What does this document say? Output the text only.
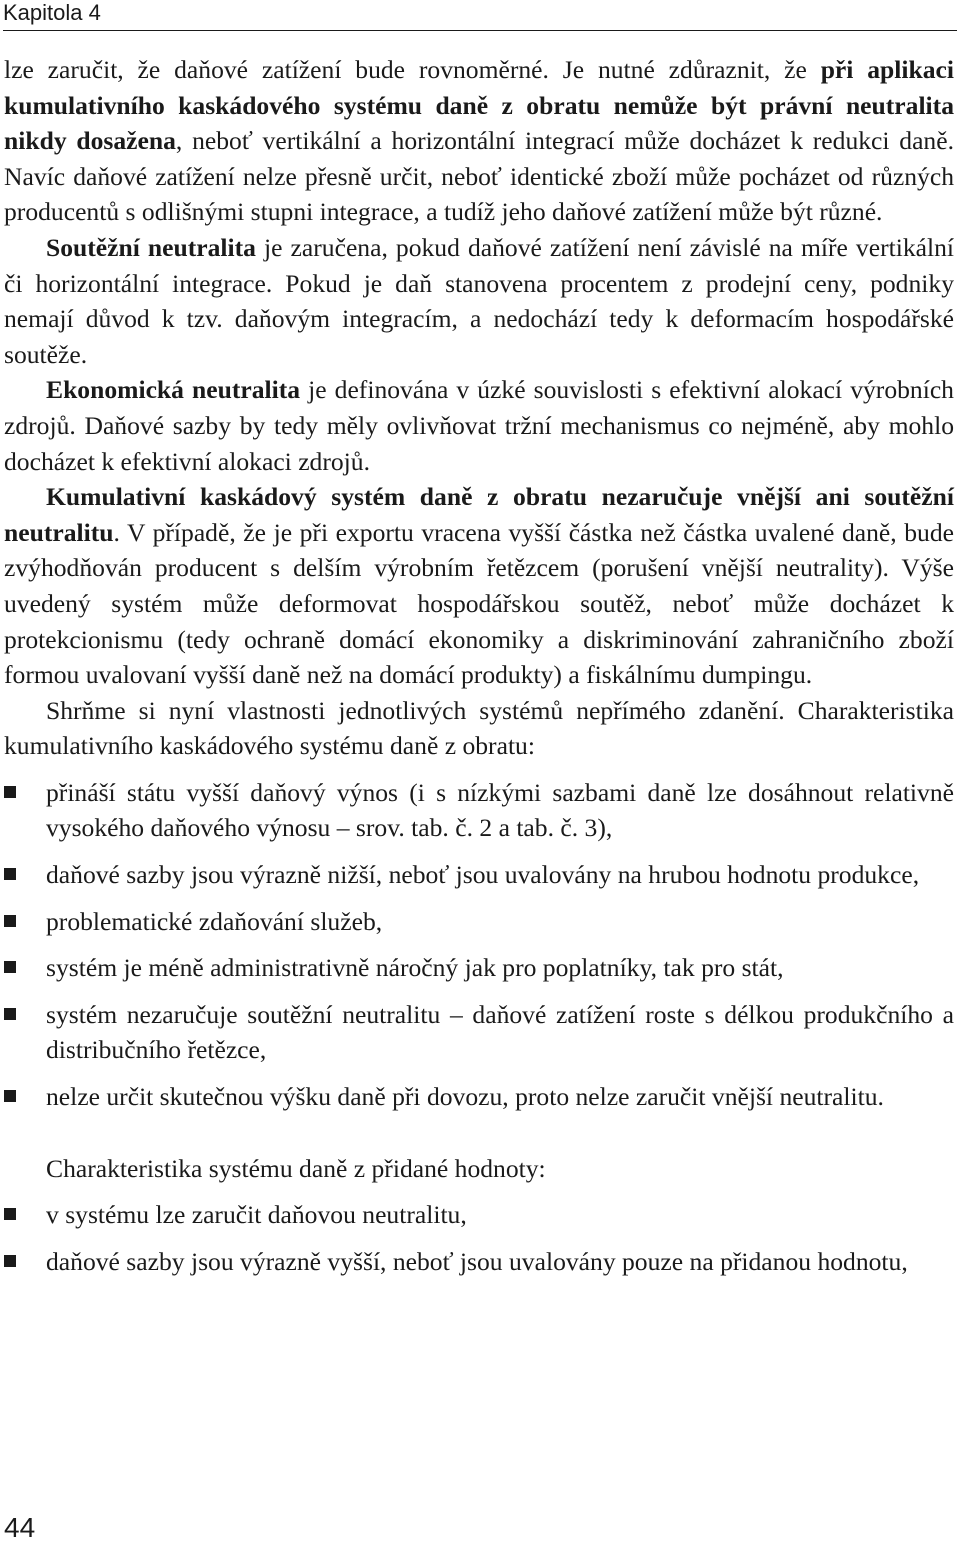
Kapitola 4

lze zaručit, že daňové zatížení bude rovnoměrné. Je nutné zdůraznit, že při aplikaci kumulativního kaskádového systému daně z obratu nemůže být právní neutralita nikdy dosažena, neboť vertikální a horizontální integrací může docházet k redukci daně. Navíc daňové zatížení nelze přesně určit, neboť identické zboží může pocházet od různých producentů s odlišnými stupni integrace, a tudíž jeho daňové zatížení může být různé.

Soutěžní neutralita je zaručena, pokud daňové zatížení není závislé na míře vertikální či horizontální integrace. Pokud je daň stanovena procentem z prodejní ceny, podniky nemají důvod k tzv. daňovým integracím, a nedochází tedy k deformacím hospodářské soutěže.

Ekonomická neutralita je definována v úzké souvislosti s efektivní alokací výrobních zdrojů. Daňové sazby by tedy měly ovlivňovat tržní mechanismus co nejméně, aby mohlo docházet k efektivní alokaci zdrojů.

Kumulativní kaskádový systém daně z obratu nezaručuje vnější ani soutěžní neutralitu. V případě, že je při exportu vracena vyšší částka než částka uvalené daně, bude zvýhodňován producent s delším výrobním řetězcem (porušení vnější neutrality). Výše uvedený systém může deformovat hospodářskou soutěž, neboť může docházet k protekcionismu (tedy ochraně domácí ekonomiky a diskriminování zahraničního zboží formou uvalovaní vyšší daně než na domácí produkty) a fiskálnímu dumpingu.

Shrňme si nyní vlastnosti jednotlivých systémů nepřímého zdanění. Charakteristika kumulativního kaskádového systému daně z obratu:

přináší státu vyšší daňový výnos (i s nízkými sazbami daně lze dosáhnout relativně vysokého daňového výnosu – srov. tab. č. 2 a tab. č. 3),
daňové sazby jsou výrazně nižší, neboť jsou uvalovány na hrubou hodnotu produkce,
problematické zdaňování služeb,
systém je méně administrativně náročný jak pro poplatníky, tak pro stát,
systém nezaručuje soutěžní neutralitu – daňové zatížení roste s délkou produkčního a distribučního řetězce,
nelze určit skutečnou výšku daně při dovozu, proto nelze zaručit vnější neutralitu.

Charakteristika systému daně z přidané hodnoty:

v systému lze zaručit daňovou neutralitu,
daňové sazby jsou výrazně vyšší, neboť jsou uvalovány pouze na přidanou hodnotu,
44
